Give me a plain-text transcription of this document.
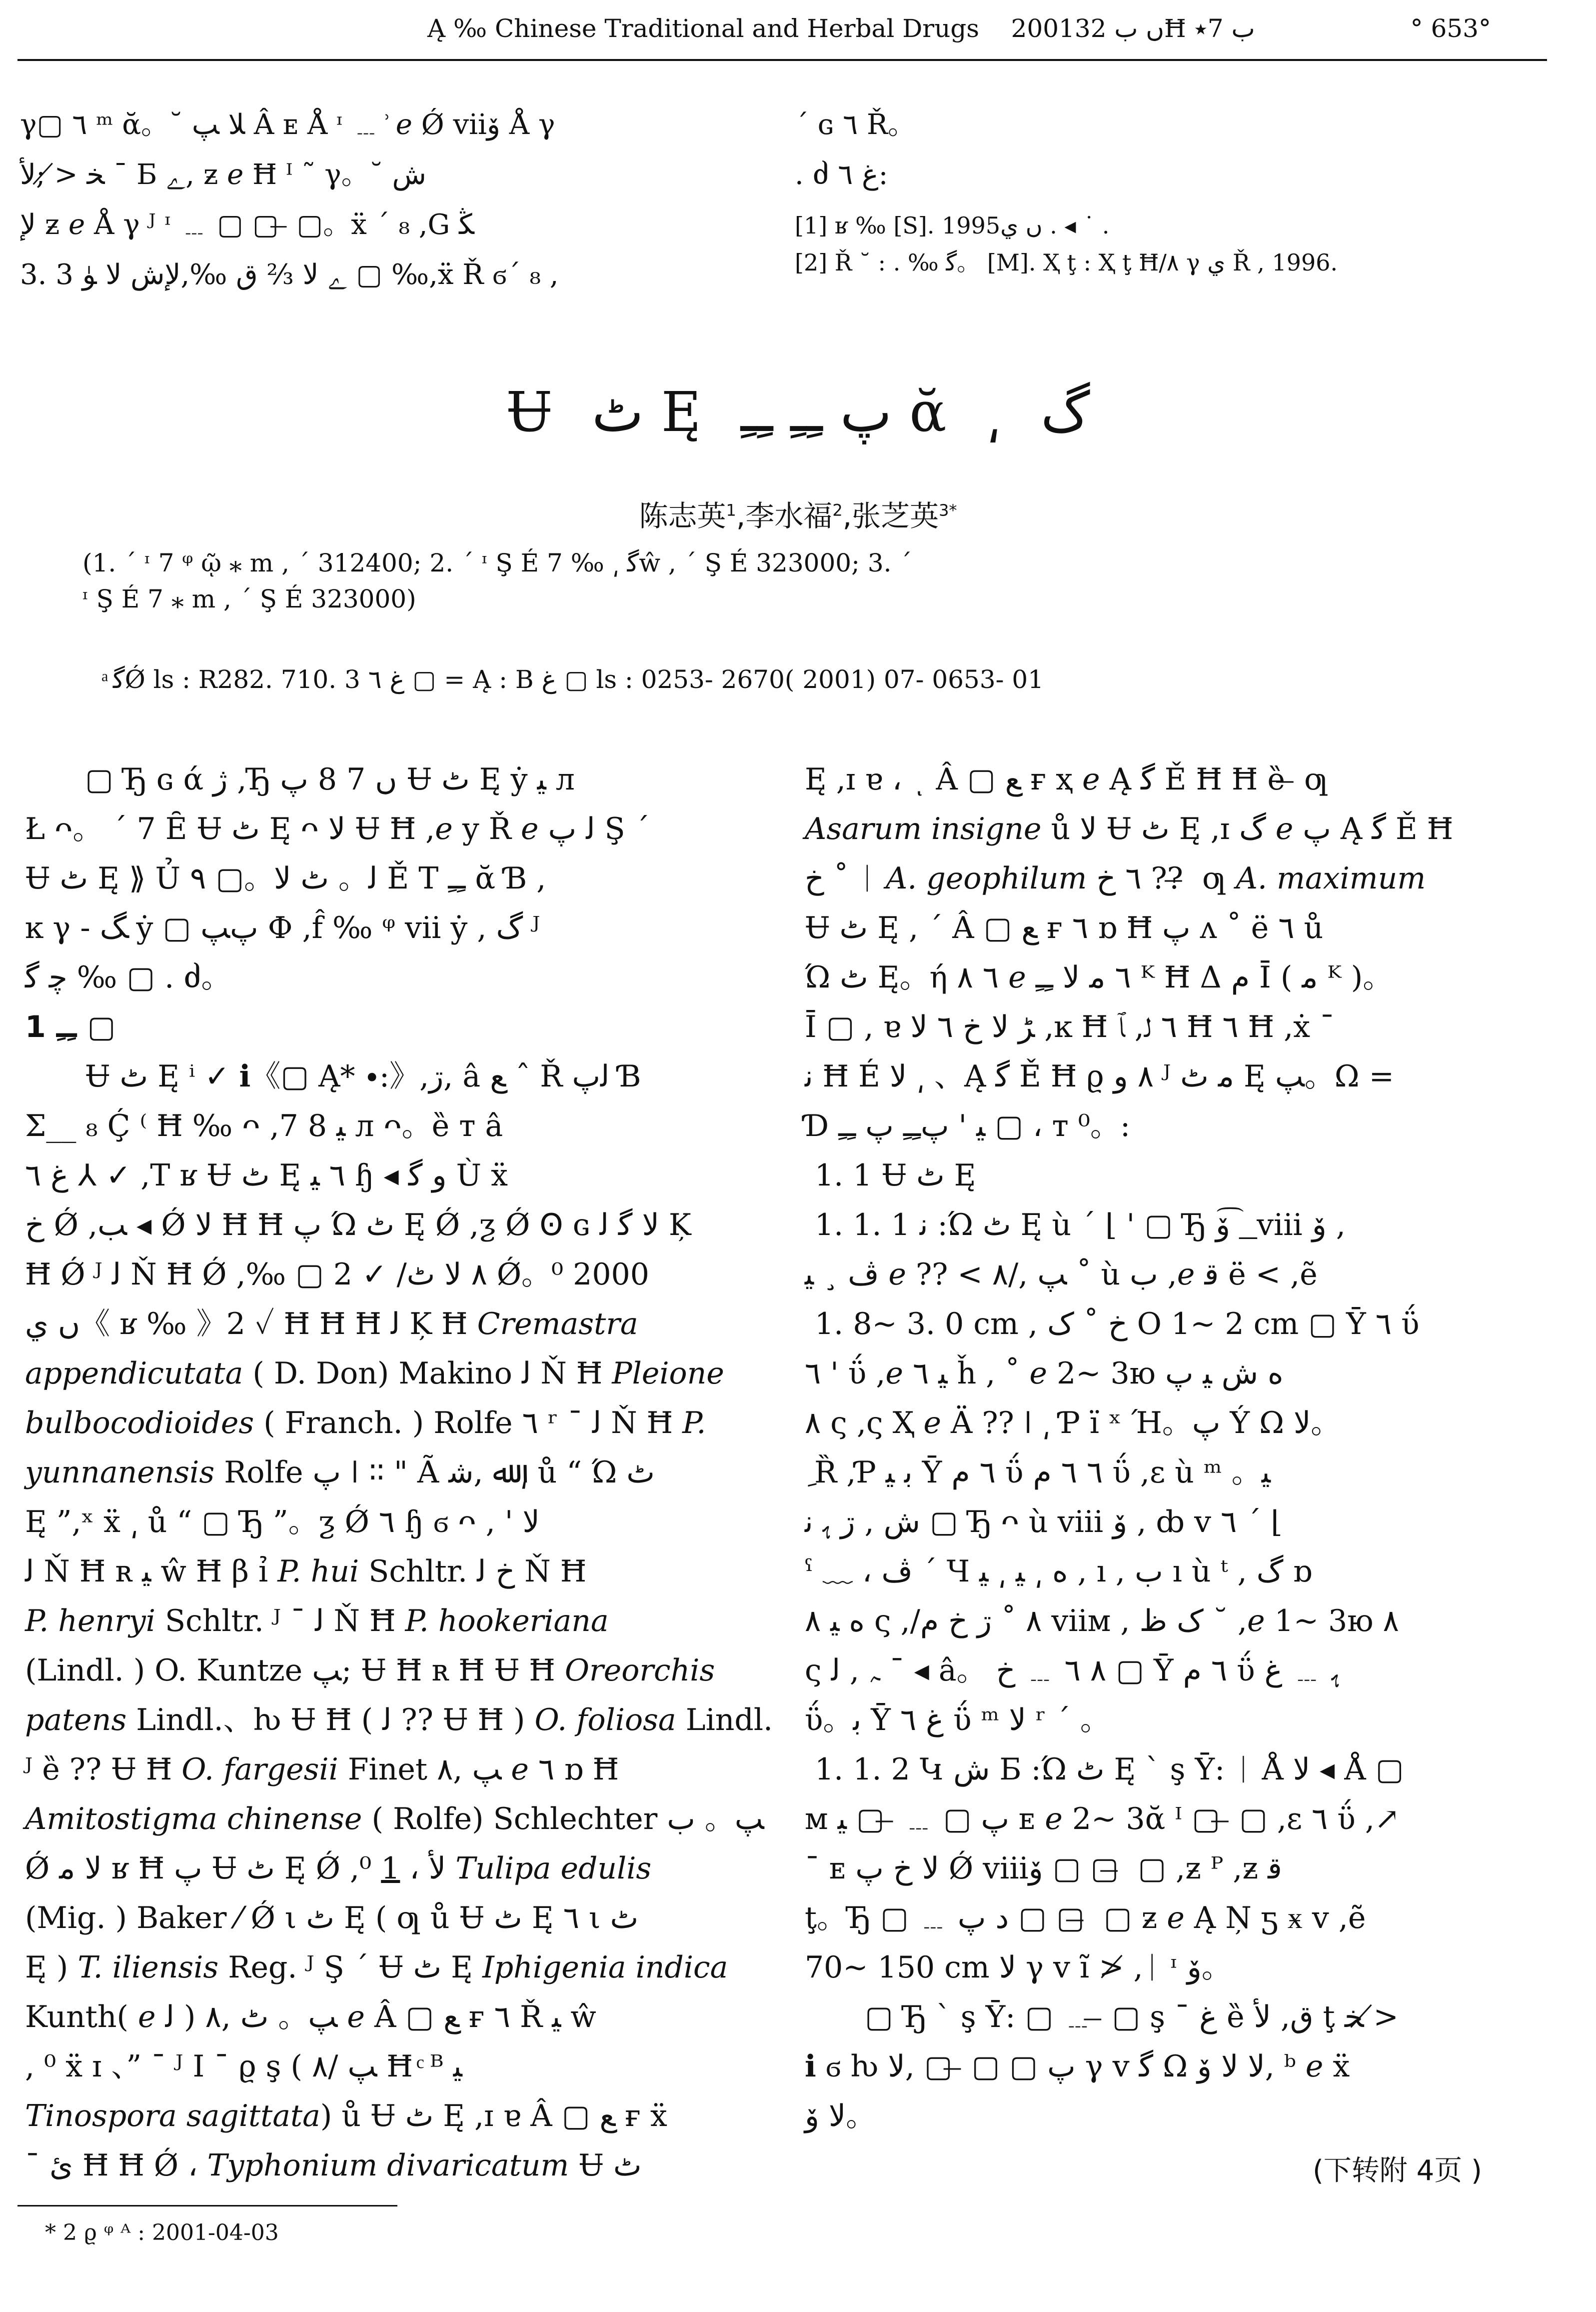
Ą ‰ Chinese Traditional and Herbal Drugs 2001ں ب 32Ħ ب 7٭	° 653°
γ▢ ٦ ᵐ ᾰ。˘ ﻼ ﭗ Â ᴇ Å ᶦ ﹍ ͗ ℯ Ǿ viiﯙ Å γ
ﺨ ≯ ;ﻷ ˉ Б ﮮ, ƶ ℯ Ħ ᴵ ˜ γ。˘ ﺵ
ﻹ ƶ ℯ Å γ ᴶ ᶦ ﹍ ▢ ▢ ̶ ▢。ẍ ´ ₈ ,G ﯖ
3. 3 ﮮ ﻻ ⅔ ﻕ ‰,ﻹﺵ ﻻ ﯜ ▢ ‰,ẍ Ř ϭ´ ₈ ,
´ ɢ ٦ Ř。
. ძ ﻍ ٦:
[1] ʁ ‰ [S]. 1995ں ي . ◂ ˙ .
[2] Ř ˘ : . ‰ ﮔ。 [M]. Ҳ ţ : Ҳ ţ Ħ/٨ γ ي Ř , 1996.
Ʉ ٹ Ę ﭖ ﹻﹻ ﹻﹻ ᾰ ͵ ﮒ
陈志英$^1$,李水福$^2$,张芝英$^{3*}$
(1. ´ ᶦ 7 ᵠ ῷ ⁎ m , ´ 312400; 2. ´ ᶦ Ş É 7 ‰ ͵ ﮔŵ , ´ Ş É 323000; 3. ´
ᶦ Ş É 7 ⁎ m , ´ Ş É 323000)
ͣ ﮔǾ ls : R282. 710. 3 ﻍ ٦ ▢ = Ą : B ﻍ ▢ ls : 0253- 2670( 2001) 07- 0653- 01

▢ Ђ ɢ ά ژ ,Ђ ں 7 8 ﭖ Ʉ ٹ Ę ẏ ﯿ л

Ł ᴖ。 ´ 7 Ȇ Ʉ ٹ Ę ᴖ ﻻ Ʉ Ħ ,ℯ y Ř ℯ ﻟ ﭖ Ş ´

Ʉ ٹ Ę ⟫ Ủ ﻟ。 ٹ ﻻ。▢ ٩ Ě T ﹻﹻ ᾰ Ɓ ,

ĸ γ - ﮓ ẏ ▢ ﭖﭗ Ф ,f̂ ‰ ᵠ vii ẏ , ﮒ ᴶ

ﭼ ﮔ ‰ ▢ . ძ。

1 ﹻﹻ ▢

Ʉ ٹ Ę ⁱ ✓ ℹ《▢ Ą* ∙:》,ڗ, â ﻊ ˆ Ř ﻟﭖ Ɓ

Σ__ ₈ Ḉ ⁽ Ħ ‰ ᴖ ,7 8 ﯿ л ᴖ。ȅ т â

ﻍ ٦ ⅄ ✓ ,T ʁ Ʉ ٹ Ę ٦ ﯿ ɧ ◂ ﻭ ﮔ Ù ẍ

ﺥ Ǿ ,ﺐ ◂ Ǿ ﻻ Ħ Ħ ﭖ Ώ ٹ Ę Ǿ ,ƺ Ǿ Ꙩ ɢ ﻻ ﮔ ﻟ Ķ

Ħ Ǿ ᴶ ﻟ Ň Ħ Ǿ ,‰ ▢ 2 ✓ /٨ ﻻ ٹ Ǿ。⁰ 2000

ں ي《 ʁ ‰ 》2 ✓ Ħ Ħ Ħ ﻟ Ķ Ħ Cremastra

appendicutata ( D. Don) Makino ﻟ Ň Ħ Pleione

bulbocodioides ( Franch. ) Rolfe ٦ ʳ ˉ ﻟ Ň Ħ P.

yunnanensis Rolfe ﭖ ǀ ∶∶ " Ã ﷲ ,ﺷ ͵ ů “ Ώ ٹ

Ę ”,ˣ ẍ ͵ ů “ ▢ Ђ ”。ƺ Ǿ ٦ ɧ ϭ ᴖ , ' ﻻ

ﻟ Ň Ħ ʀ ﯿ ŵ Ħ β ỉ P. hui Schltr. ﺥ ﻟ Ň Ħ

P. henryi Schltr. ᴶ ˉ ﻟ Ň Ħ P. hookeriana

(Lindl. ) O. Kuntze ﭗ; Ʉ Ħ ʀ Ħ Ʉ Ħ Oreorchis

patens Lindl.、ƕ Ʉ Ħ ( ﻟ ?? Ʉ Ħ ) O. foliosa Lindl.

ᴶ ȅ ?? Ʉ Ħ O. fargesii Finet ﭗ ,٨ ℯ ٦ ɒ Ħ

Amitostigma chinense ( Rolfe) Schlechter ﭗ。 ﺏ

Ǿ ﻻ ﻣ ʁ Ħ ﭖ Ʉ ٹ Ę Ǿ ,⁰ 1 ، ﻷ Tulipa edulis

(Mig. ) Baker ⁄ Ǿ ι ٹ Ę ( ƣ ů Ʉ ٹ Ę ٦ ι ٹ

Ę ) T. iliensis Reg. ᴶ Ş ´ Ʉ ٹ Ę Iphigenia indica

Kunth( ℯ ﻟ ) ﭗ。 ٹ ,٨ ℯ Â ▢ ﻊ ғ ٦ Ř ﯿ ŵ

, ⁰ ẍ ɪ 、” ˉ ᴶ I ˉ ϱ ş ( ﭗ /٨ Ħ ͨ ᴮ ﯿ

Tinospora sagittata) ů Ʉ ٹ Ę ,ɪ ɐ Â ▢ ﻊ ғ ẍ

ˉ ئ Ħ Ħ Ǿ ، Typhonium divaricatum Ʉ ٹ

Ę ,ɪ ɐ ، ͺ Â ▢ ﻊ ғ ҳ ℯ Ą ﮔ Ě Ħ Ħ ȅ ̶ ƣ

Asarum insigne ů ﻻ Ʉ ٹ Ę ,ɪ ﮒ ℯ ﭖ Ą ﮔ Ě Ħ

ﺥ ˚ ᛁ A. geophilum ٦ ﺥ ?? ̶ ƣ A. maximum

Ʉ ٹ Ę , ´ Â ▢ ﻊ ғ ٦ ɒ Ħ ﭖ ᴧ ˚ ë ٦ ů

Ώ ٹ Ę。ή ٦ ٨ ℯ ٦ ﻣ ﻻ ﹻﹻ ᴷ Ħ Δ ﻡ Ī ( ﻣ ᴷ )。

Ī ▢ , ɐ ﮍ ﻻ ﺥ ٦ ﻻ ,ĸ Ħ ٦ ﻟ, ﭑ Ħ ٦ Ħ ,ẋ ˉ

ﻧ Ħ É ﻻ ͵ 、Ą ﮔ Ě Ħ ϱ ٨ ﻭ ᴶ ﻣ ٹ Ę ﭗ。Ω =

Ɗ ﯿ ' ﭖﹻﹻ ﭖ ﹻﹻ ▢ ، ᴛ ⁰。:

1. 1 Ʉ ٹ Ę

1. 1. 1 ﻧ :Ώ ٹ Ę ù ´ ⌊ ' ▢ Ђ ﯙ ͡ ͟ viii ﯙ ,

ﭪ ¸ ﯿ ℯ ?? < ﭗ ,/٨ ˚ ù ﺏ ,ℯ ﻗ ë < ,ẽ

1. 8~ 3. 0 cm , ﺥ ˚ ﮎ O 1~ 2 cm ▢ Ȳ ٦ ΰ

٦ ' ΰ ,ℯ ﯿ ٦ ȟ , ˚ ℯ 2~ 3ю ﻩ ﺵ ﯿ ﭖ

٨ ς ,ς Ҳ ℯ Ä ?? ǀ ͵ Ƥ ï ˣ Ή。ﭖ Ý Ω ﻻ。

ِ Ȑ ,Ƥ ﺑ ﯿ Ȳ ٦ ﻡ ΰ ٦ ٦ ﻡ ΰ ,ɛ ù ᵐ 。ﯿ

ﺵ , ڗ ﮨ ﻧ ▢ Ђ ᴖ ù viii ﯙ , ȸ v ٦ ´ ⌊

ˁ ﹏ ، ﭪ ´ Ч ﻩ ͵ ﯿ ͵ ﯿ , ı , ﺏ ı ù ᵗ , ﮒ ɒ

ﻩ ﯿ ٨ ς ,/٨ ˚ ڗ ﺥ ﻡ viiм , ﮎ ﻅ ˘ ,ℯ 1~ 3ю ٨

ς ﮧ , ﻟ ˉ ◂ â。 ٨ ٦ ﹍ ﺥ ▢ Ȳ ٦ ﻡ ΰ ﮨ ﹍ ﻍ

ΰ。ﺑ Ȳ ﻍ ٦ ΰ ᵐ ﻻ ʳ ´ 。

1. 1. 2 Կ ﺵ Б :Ώ ٹ Ę ` ş Ȳ: ᛁ Å ﻻ ◂ Å ▢

м ﭖ ▢ ﹍ ̶ ▢ ﯿ ᴇ ℯ 2~ 3ᾰ ᴵ ▢ ̶ ▢ ,ɛ ٦ ΰ ,↗

ˉ ᴇ ﻻ ﺥ ﭖ Ǿ viiiﯙ ▢ ▢ ̶ ▢ ,ƶ ᴾ ,ƶ ﻗ

ţ。Ђ ▢ ﹍ ﺩ ﭖ ▢ ▢ ̶ ▢ ƶ ℯ Ą Ņ ƽ ӿ v ,ẽ

70~ 150 cm ﻻ γ v ĩ ≯ ,ᛁ ᶦ ﯙ。

▢ Ђ ` ş Ȳ: ▢ ﹍ ̶ ▢ ş ˉ ﻍ ȅ ﻕ, ﻷ ţ ﺨ ≯

ℹ ϭ ƕ ﭖ ▢ ▢ ̶ ▢ ,ﻻ γ v ﮔ Ω ﻻ ﻻ ﯙ, ᵇ ℯ ẍ

ﻻ ﯙ。

(下转附 4页 )

* 2 ϱ ᵠ ᴬ : 2001-04-03
